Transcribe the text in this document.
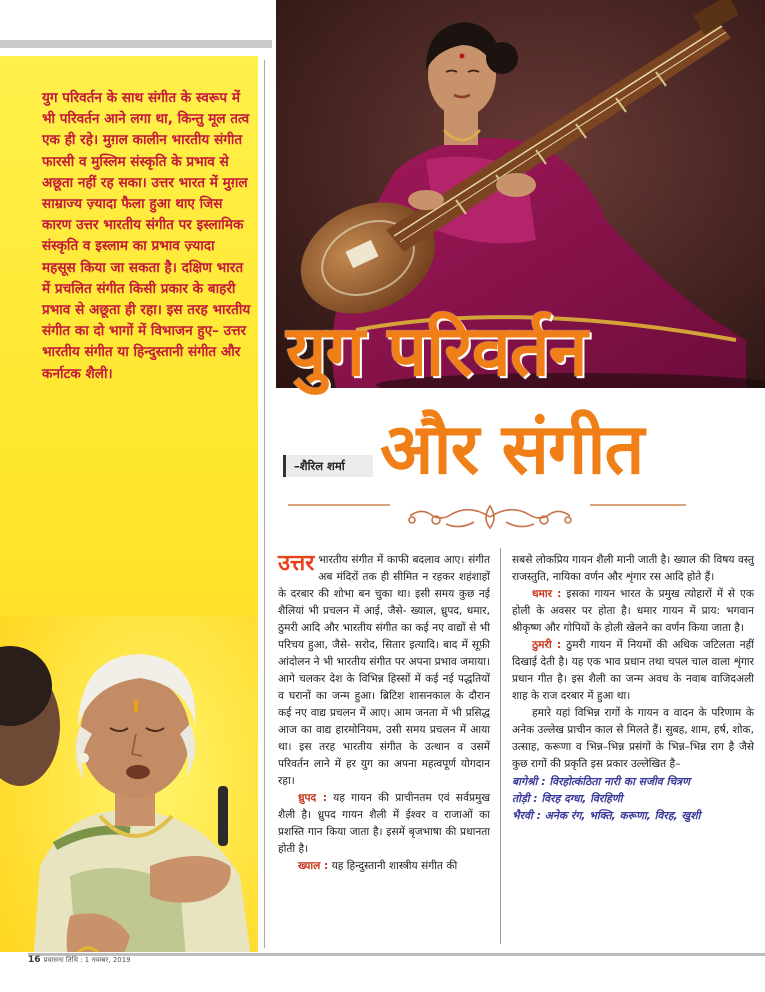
युग परिवर्तन के साथ संगीत के स्वरूप में भी परिवर्तन आने लगा था, किन्तु मूल तत्व एक ही रहे। मुग़ल कालीन भारतीय संगीत फारसी व मुस्लिम संस्कृति के प्रभाव से अछूता नहीं रह सका। उत्तर भारत में मुग़ल साम्राज्य ज़्यादा फैला हुआ थाए जिस कारण उत्तर भारतीय संगीत पर इस्लामिक संस्कृति व इस्लाम का प्रभाव ज़्यादा महसूस किया जा सकता है। दक्षिण भारत में प्रचलित संगीत किसी प्रकार के बाहरी प्रभाव से अछूता ही रहा। इस तरह भारतीय संगीत का दो भागों में विभाजन हुए– उत्तर भारतीय संगीत या हिन्दुस्तानी संगीत और कर्नाटक शैली।	युग परिवर्तन
और संगीत
–शैरिल शर्मा

उत्तर भारतीय संगीत में काफी बदलाव आए। संगीत अब मंदिरों तक ही सीमित न रहकर शहंशाहों के दरबार की शोभा बन चुका था। इसी समय कुछ नई शैलियां भी प्रचलन में आई, जैसे- ख्याल, ध्रुपद, धमार, ठुमरी आदि और भारतीय संगीत का कई नए वाद्यों से भी परिचय हुआ, जैसे- सरोद, सितार इत्यादि। बाद में सूफ़ी आंदोलन ने भी भारतीय संगीत पर अपना प्रभाव जमाया। आगे चलकर देश के विभिन्न हिस्सों में कई नई पद्धतियों व घरानों का जन्म हुआ। ब्रिटिश शासनकाल के दौरान कई नए वाद्य प्रचलन में आए। आम जनता में भी प्रसिद्ध आज का वाद्य हारमोनियम, उसी समय प्रचलन में आया था। इस तरह भारतीय संगीत के उत्थान व उसमें परिवर्तन लाने में हर युग का अपना महत्वपूर्ण योगदान रहा।

ध्रुपद : यह गायन की प्राचीनतम एवं सर्वप्रमुख शैली है। ध्रुपद गायन शैली में ईश्वर व राजाओं का प्रशस्ति गान किया जाता है। इसमें बृजभाषा की प्रधानता होती है।

ख्याल : यह हिन्दुस्तानी शास्त्रीय संगीत की

सबसे लोकप्रिय गायन शैली मानी जाती है। ख्याल की विषय वस्तु राजस्तुति, नायिका वर्णन और शृंगार रस आदि होते हैं।

धमार : इसका गायन भारत के प्रमुख त्योहारों में से एक होली के अवसर पर होता है। धमार गायन में प्राय: भगवान श्रीकृष्ण और गोपियों के होली खेलने का वर्णन किया जाता है।

ठुमरी : ठुमरी गायन में नियमों की अधिक जटिलता नहीं दिखाई देती है। यह एक भाव प्रधान तथा चपल चाल वाला शृंगार प्रधान गीत है। इस शैली का जन्म अवध के नवाब वाजिदअली शाह के राज दरबार में हुआ था।

हमारे यहां विभिन्न रागों के गायन व वादन के परिणाम के अनेक उल्लेख प्राचीन काल से मिलते हैं। सुबह, शाम, हर्ष, शोक, उत्साह, करूणा व भिन्न–भिन्न प्रसंगों के भिन्न–भिन्न राग है जैसे कुछ रागों की प्रकृति इस प्रकार उल्लेखित है–

बागेश्री : विरहोत्कंठिता नारी का सजीव चित्रण

तोड़ी : विरह दग्धा, विरहिणी

भैरवी : अनेक रंग, भक्ति, करूणा, विरह, खुशी

16 प्रवासना तिथि : 1 नवम्बर, 2019
